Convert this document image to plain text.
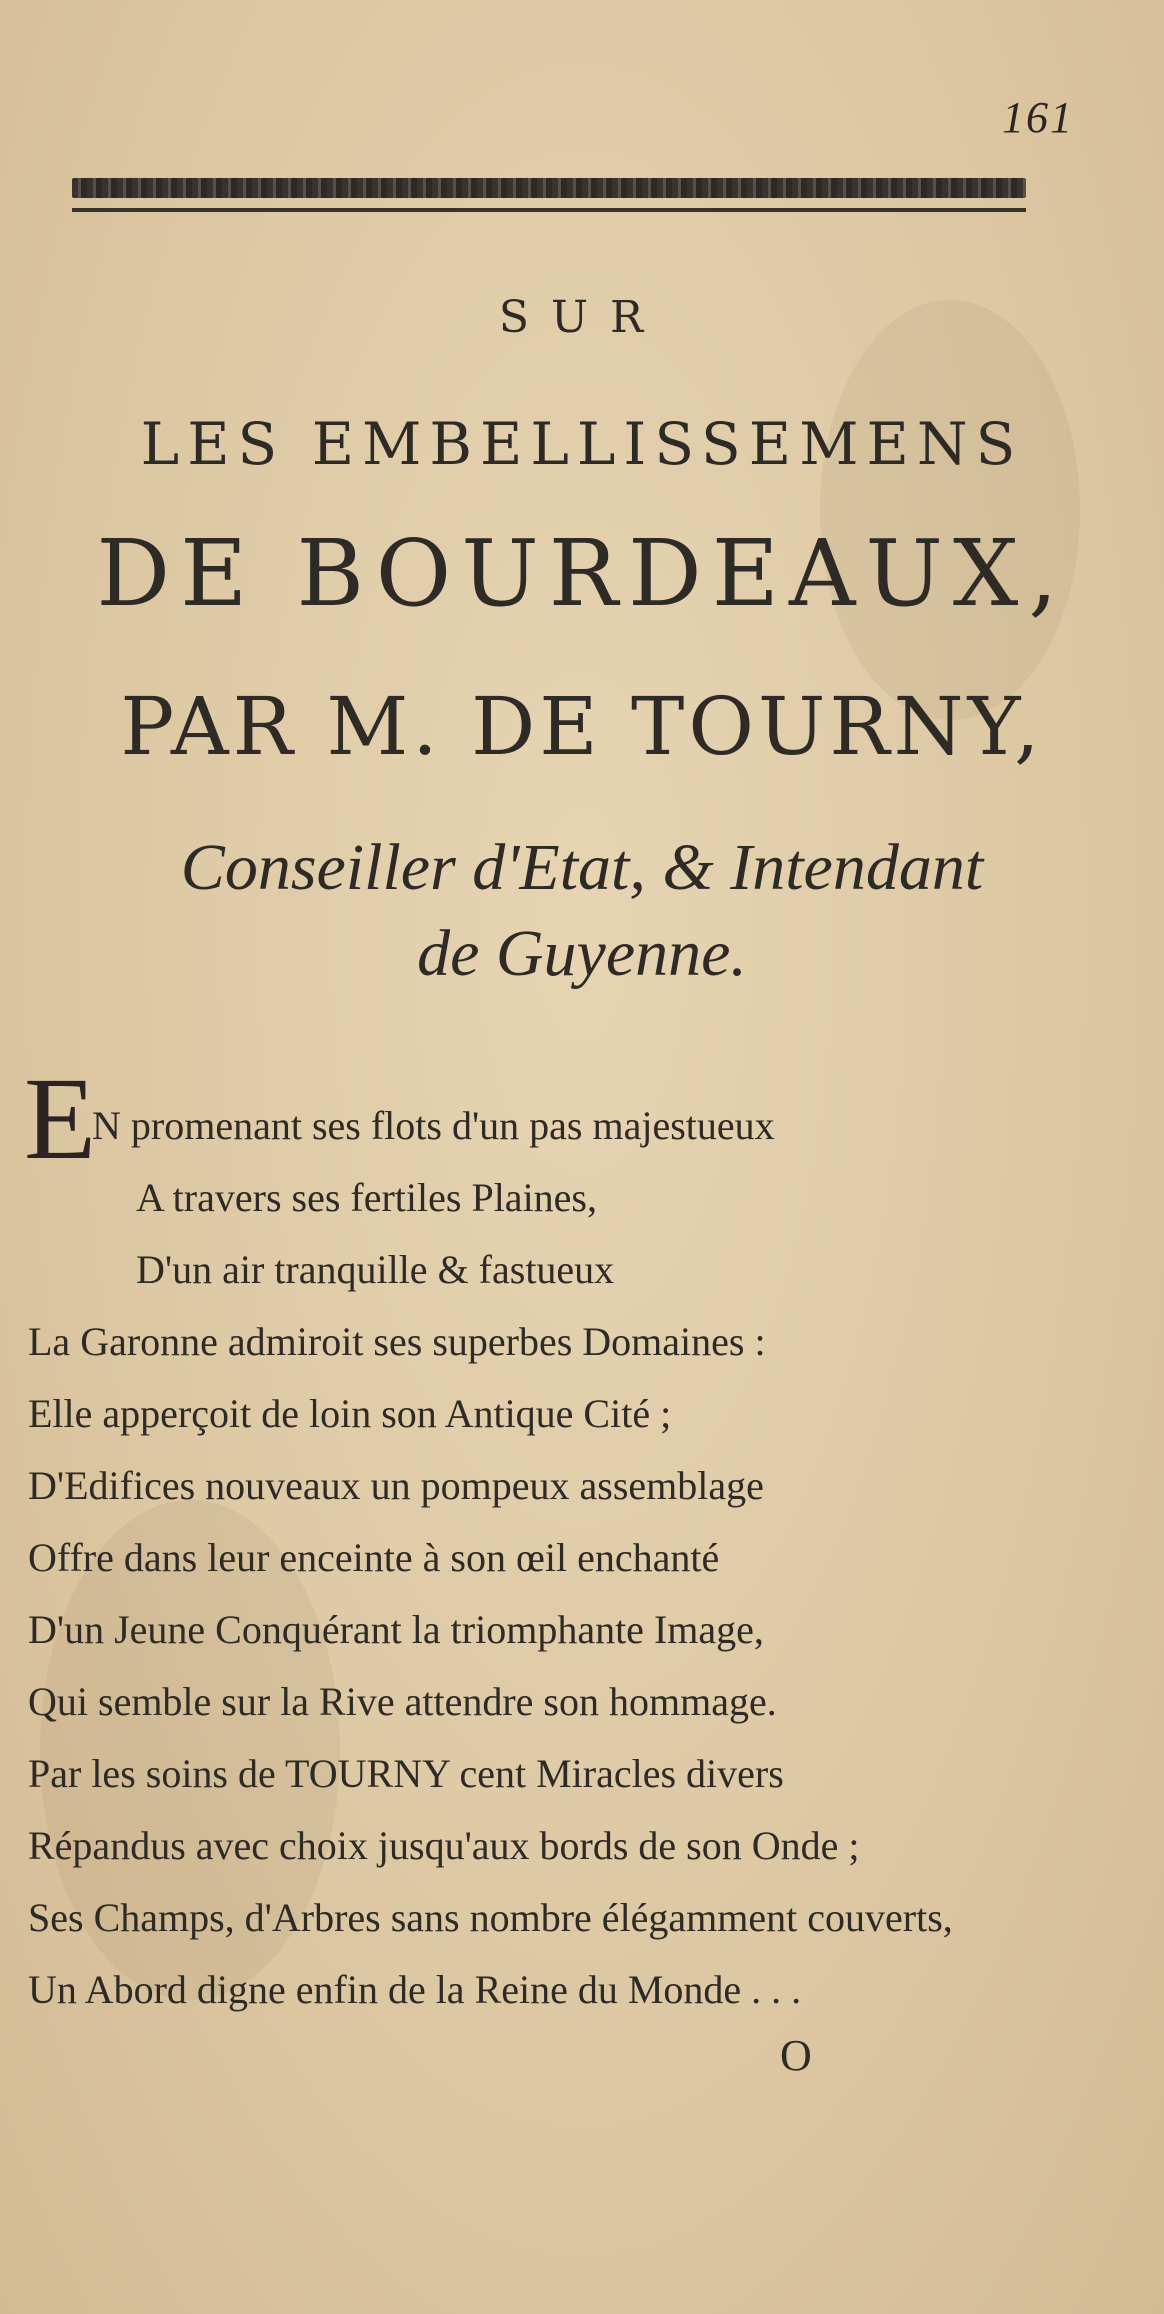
161
SUR
LES EMBELLISSEMENS
DE BOURDEAUX,
PAR M. DE TOURNY,
Conseiller d'Etat, & Intendant
de Guyenne.
E
N promenant ses flots d'un pas majestueux
A travers ses fertiles Plaines,
D'un air tranquille & fastueux
La Garonne admiroit ses superbes Domaines :
Elle apperçoit de loin son Antique Cité ;
D'Edifices nouveaux un pompeux assemblage
Offre dans leur enceinte à son œil enchanté
D'un Jeune Conquérant la triomphante Image,
Qui semble sur la Rive attendre son hommage.
Par les soins de TOURNY cent Miracles divers
Répandus avec choix jusqu'aux bords de son Onde ;
Ses Champs, d'Arbres sans nombre élégamment couverts,
Un Abord digne enfin de la Reine du Monde . . .
O
